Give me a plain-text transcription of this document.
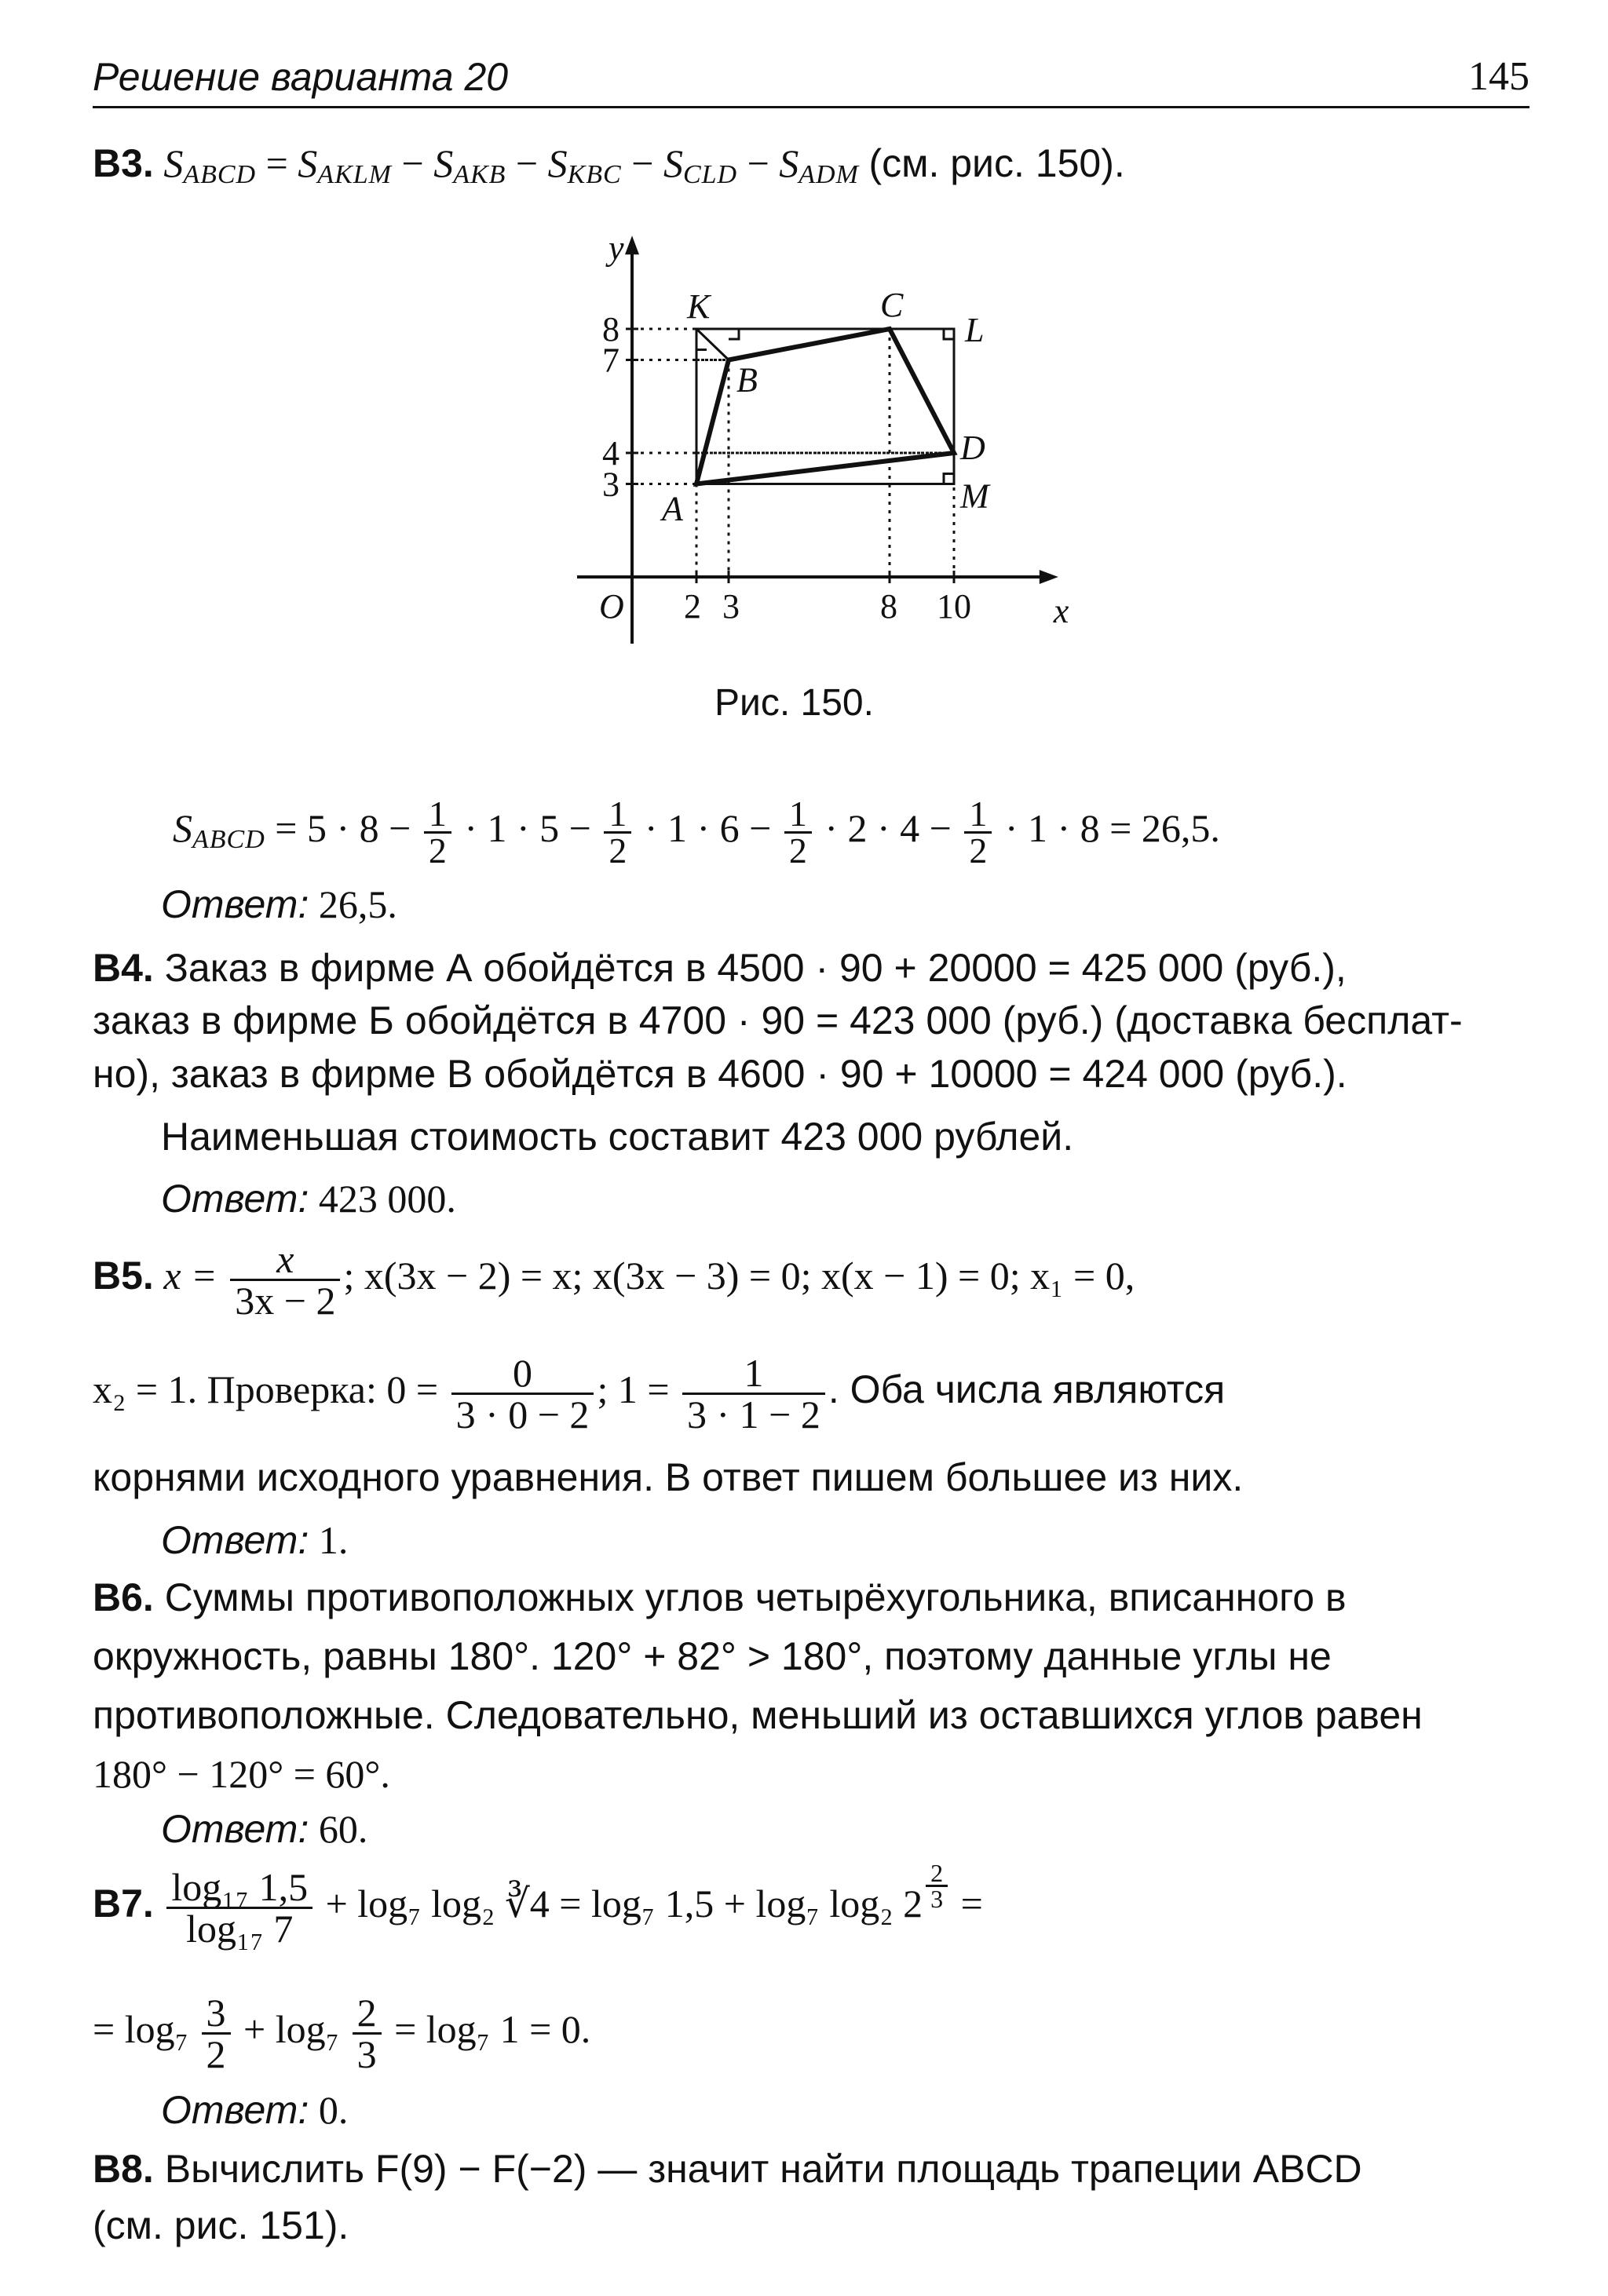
Решение варианта 20	145
B3. SABCD = SAKLM − SAKB − SKBC − SCLD − SADM (см. рис. 150).
x
y
O
8
7
4
3
2 3	8 10
A
B
C
D
K
L
M
Рис. 150.
SABCD = $5 \cdot 8 - \frac{1}{2} \cdot 1 \cdot 5 - \frac{1}{2} \cdot 1 \cdot 6 - \frac{1}{2} \cdot 2 \cdot 4 - \frac{1}{2} \cdot 1 \cdot 8 = 26,5$.
Ответ: 26,5.
B4. Заказ в фирме А обойдётся в 4500 · 90 + 20000 = 425 000 (руб.),
заказ в фирме Б обойдётся в 4700 · 90 = 423 000 (руб.) (доставка бесплат-
но), заказ в фирме В обойдётся в 4600 · 90 + 10000 = 424 000 (руб.).
Наименьшая стоимость составит 423 000 рублей.
Ответ: 423 000.
B5. $x = \frac{x}{3x - 2}$ ; x(3x − 2) = x; x(3x − 3) = 0; x(x − 1) = 0; x₁ = 0,
x₂ = 1. Проверка: $0 = \frac{0}{3 \cdot 0 - 2}$ ; $1 = \frac{1}{3 \cdot 1 - 2}$ . Оба числа являются
корнями исходного уравнения. В ответ пишем большее из них.
Ответ: 1.
B6. Суммы противоположных углов четырёхугольника, вписанного в
окружность, равны 180°. 120° + 82° > 180°, поэтому данные углы не
противоположные. Следовательно, меньший из оставшихся углов равен
180° − 120° = 60°.
Ответ: 60.
B7. $\frac{\text{log₁₇ 1,5}}{\text{log₁₇ 7}} + \log_7$ log₂ ∛4 = log₇ 1,5 + log₇ log₂ $2 \frac{2}{3}$ =
= $\log_7 \frac{3}{2} + \log_7 \frac{2}{3} = \log_7$ 1 = 0.
Ответ: 0.
B8. Вычислить F(9) − F(−2) — значит найти площадь трапеции ABCD
(см. рис. 151).
